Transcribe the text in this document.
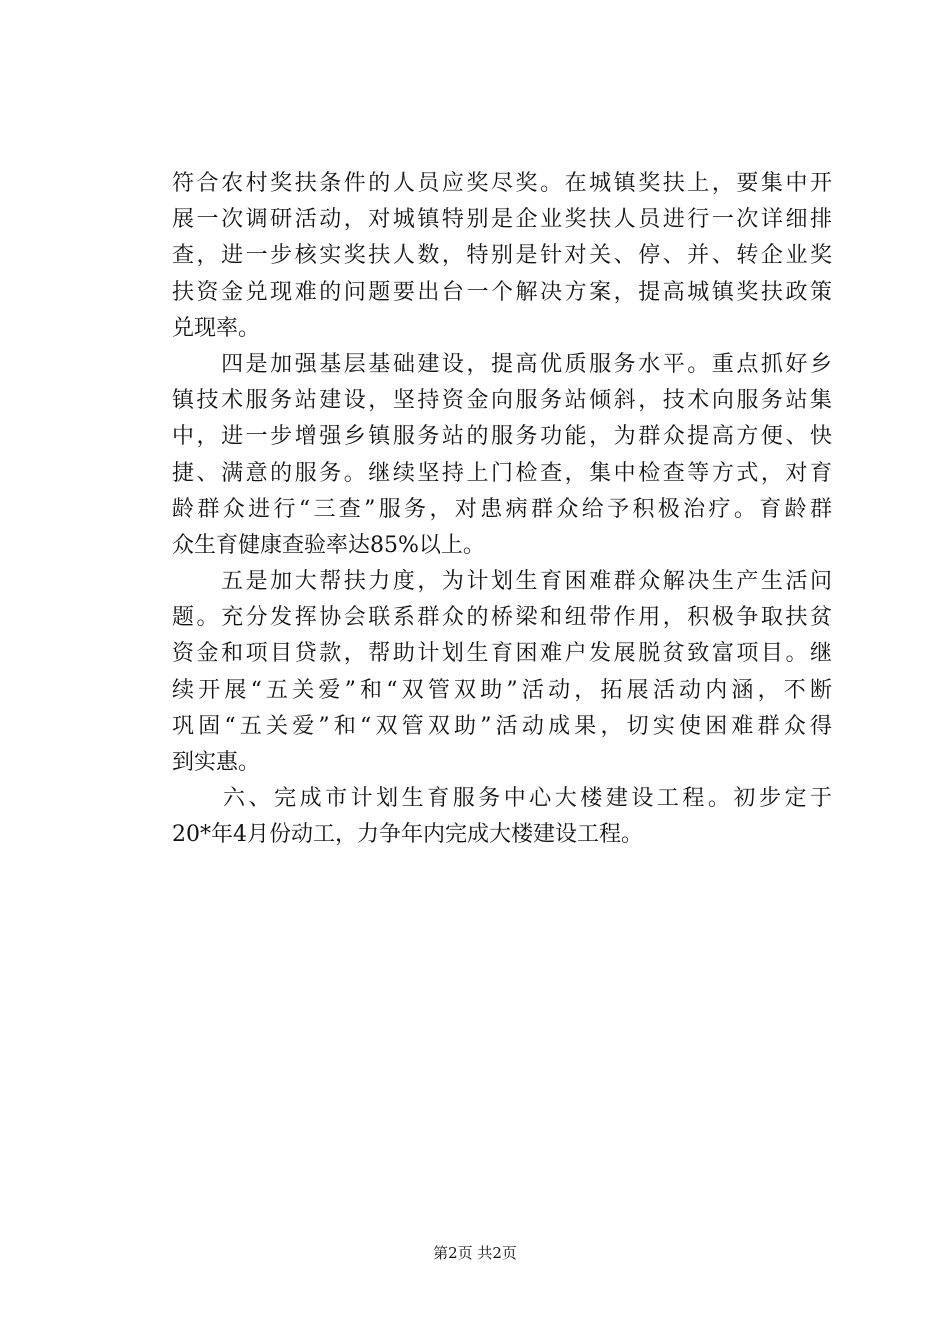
符合农村奖扶条件的人员应奖尽奖。在城镇奖扶上，要集中开
展一次调研活动，对城镇特别是企业奖扶人员进行一次详细排
查，进一步核实奖扶人数，特别是针对关、停、并、转企业奖
扶资金兑现难的问题要出台一个解决方案，提高城镇奖扶政策
兑现率。
　　四是加强基层基础建设，提高优质服务水平。重点抓好乡
镇技术服务站建设，坚持资金向服务站倾斜，技术向服务站集
中，进一步增强乡镇服务站的服务功能，为群众提高方便、快
捷、满意的服务。继续坚持上门检查，集中检查等方式，对育
龄群众进行“三查”服务，对患病群众给予积极治疗。育龄群
众生育健康查验率达85%以上。
　　五是加大帮扶力度，为计划生育困难群众解决生产生活问
题。充分发挥协会联系群众的桥梁和纽带作用，积极争取扶贫
资金和项目贷款，帮助计划生育困难户发展脱贫致富项目。继
续开展“五关爱”和“双管双助”活动，拓展活动内涵，不断
巩固“五关爱”和“双管双助”活动成果，切实使困难群众得
到实惠。
　　六、完成市计划生育服务中心大楼建设工程。初步定于
20*年4月份动工，力争年内完成大楼建设工程。
第2页 共2页
